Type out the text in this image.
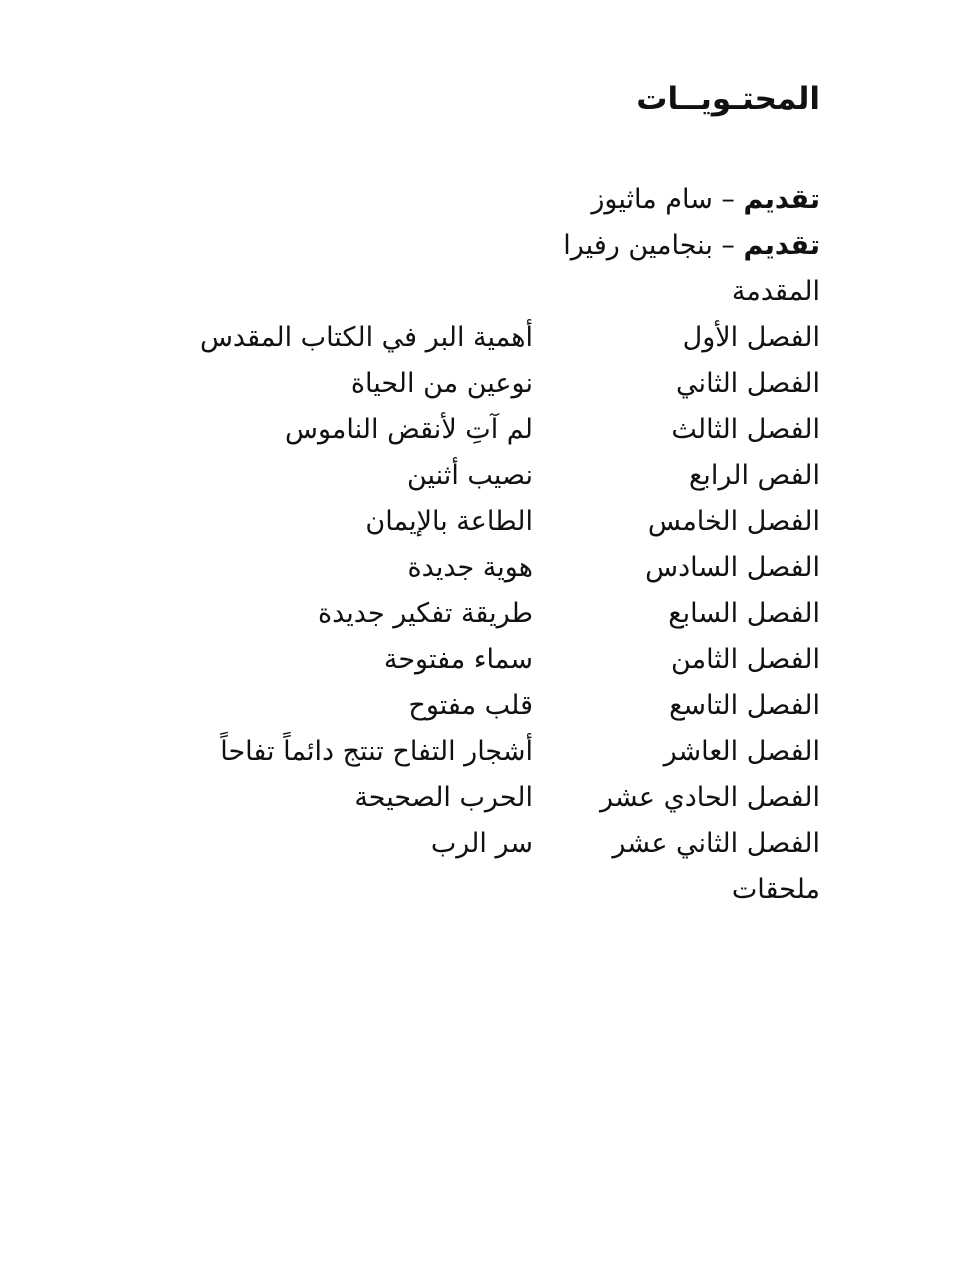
المحتـويــات
تقديم – سام ماثيوز
تقديم – بنجامين رفيرا
المقدمة
الفصل الأول
أهمية البر في الكتاب المقدس
الفصل الثاني
نوعين من الحياة
الفصل الثالث
لم آتِ لأنقض الناموس
الفص الرابع
نصيب أثنين
الفصل الخامس
الطاعة بالإيمان
الفصل السادس
هوية جديدة
الفصل السابع
طريقة تفكير جديدة
الفصل الثامن
سماء مفتوحة
الفصل التاسع
قلب مفتوح
الفصل العاشر
أشجار التفاح تنتج دائماً تفاحاً
الفصل الحادي عشر
الحرب الصحيحة
الفصل الثاني عشر
سر الرب
ملحقات
